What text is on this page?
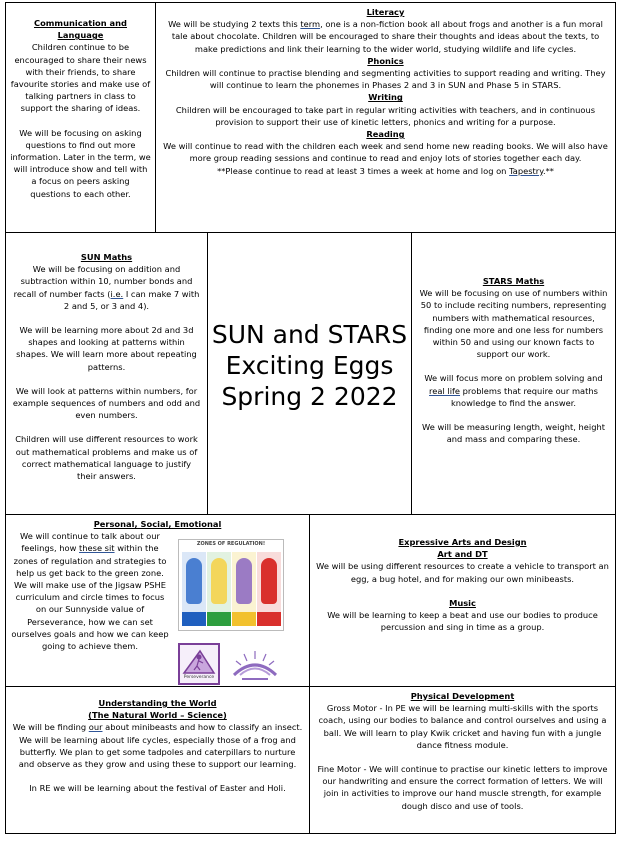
Communication and Language

Children continue to be encouraged to share their news with their friends, to share favourite stories and make use of talking partners in class to support the sharing of ideas.

We will be focusing on asking questions to find out more information. Later in the term, we will introduce show and tell with a focus on peers asking questions to each other.

Literacy

We will be studying 2 texts this term, one is a non-fiction book all about frogs and another is a fun moral tale about chocolate. Children will be encouraged to share their thoughts and ideas about the texts, to make predictions and link their learning to the wider world, studying wildlife and life cycles.

Phonics

Children will continue to practise blending and segmenting activities to support reading and writing. They will continue to learn the phonemes in Phases 2 and 3 in SUN and Phase 5 in STARS.

Writing

Children will be encouraged to take part in regular writing activities with teachers, and in continuous provision to support their use of kinetic letters, phonics and writing for a purpose.

Reading

We will continue to read with the children each week and send home new reading books. We will also have more group reading sessions and continue to read and enjoy lots of stories together each day.

**Please continue to read at least 3 times a week at home and log on Tapestry.**

SUN Maths

We will be focusing on addition and subtraction within 10, number bonds and recall of number facts (i.e. I can make 7 with 2 and 5, or 3 and 4).

We will be learning more about 2d and 3d shapes and looking at patterns within shapes. We will learn more about repeating patterns.

We will look at patterns within numbers, for example sequences of numbers and odd and even numbers.

Children will use different resources to work out mathematical problems and make us of correct mathematical language to justify their answers.

SUN and STARS
Exciting Eggs
Spring 2 2022
STARS Maths

We will be focusing on use of numbers within 50 to include reciting numbers, representing numbers with mathematical resources, finding one more and one less for numbers within 50 and using our known facts to support our work.

We will focus more on problem solving and real life problems that require our maths knowledge to find the answer.

We will be measuring length, weight, height and mass and comparing these.

Personal, Social, Emotional

We will continue to talk about our feelings, how these sit within the zones of regulation and strategies to help us get back to the green zone. We will make use of the Jigsaw PSHE curriculum and circle times to focus on our Sunnyside value of Perseverance, how we can set ourselves goals and how we can keep going to achieve them.

ZONES OF REGULATION!
Perseverance
Expressive Arts and Design
Art and DT

We will be using different resources to create a vehicle to transport an egg, a bug hotel, and for making our own minibeasts.

Music

We will be learning to keep a beat and use our bodies to produce percussion and sing in time as a group.

Understanding the World
(The Natural World – Science)

We will be finding our about minibeasts and how to classify an insect. We will be learning about life cycles, especially those of a frog and butterfly. We plan to get some tadpoles and caterpillars to nurture and observe as they grow and using these to support our learning.

In RE we will be learning about the festival of Easter and Holi.

Physical Development

Gross Motor - In PE we will be learning multi-skills with the sports coach, using our bodies to balance and control ourselves and using a ball. We will learn to play Kwik cricket and having fun with a jungle dance fitness module.

Fine Motor - We will continue to practise our kinetic letters to improve our handwriting and ensure the correct formation of letters. We will join in activities to improve our hand muscle strength, for example dough disco and use of tools.
